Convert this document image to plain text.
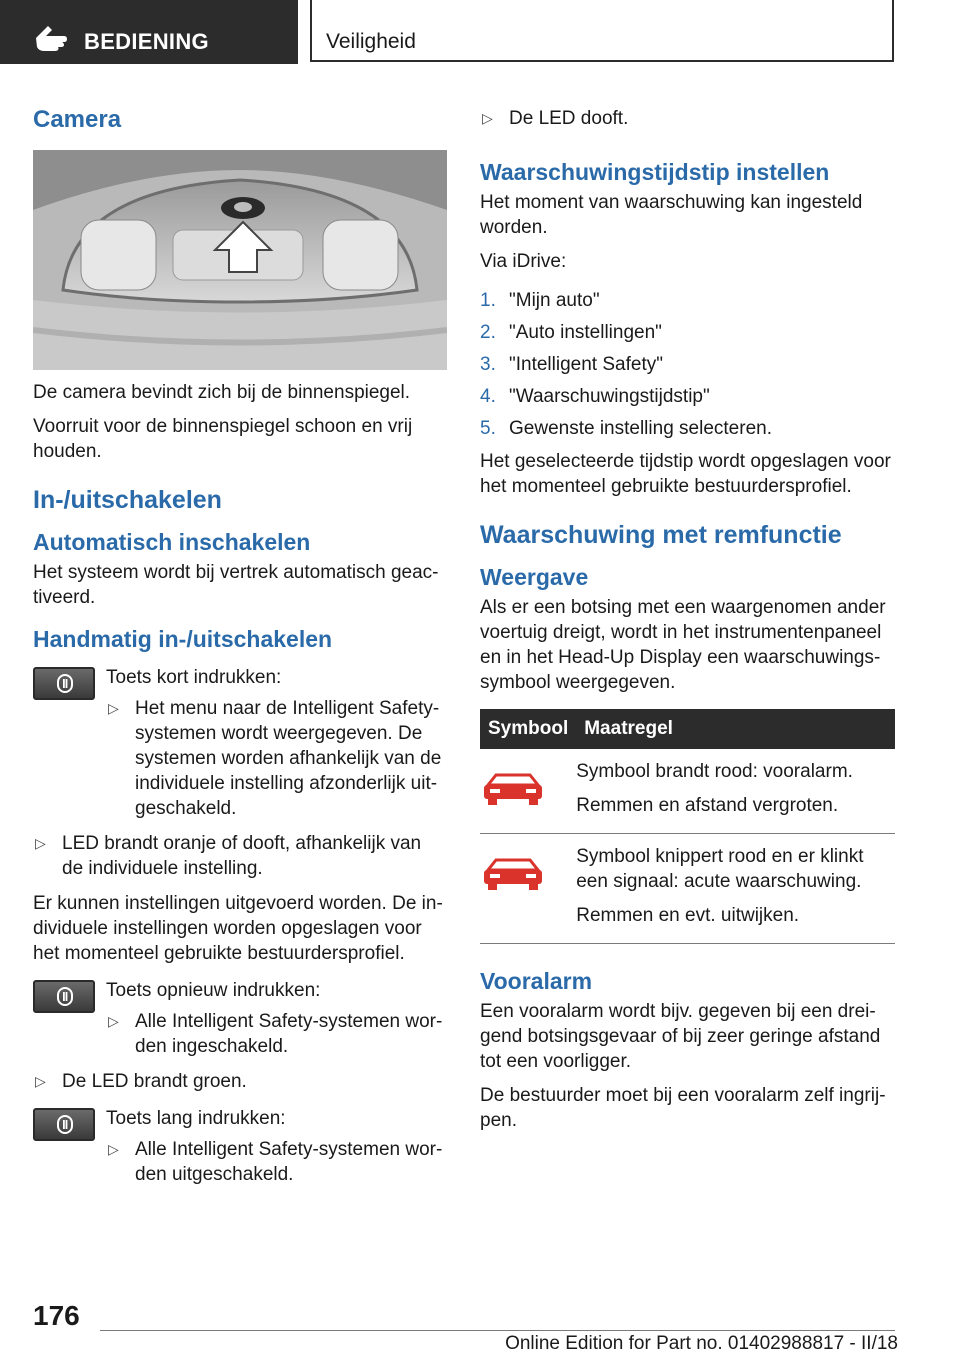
BEDIENING	Veiligheid
Camera

De camera bevindt zich bij de binnenspiegel.

Voorruit voor de binnenspiegel schoon en vrij houden.

In-/uitschakelen
Automatisch inschakelen

Het systeem wordt bij vertrek automatisch geactiveerd.

Handmatig in-/uitschakelen

Toets kort indrukken:

▷ Het menu naar de Intelligent Safety-systemen wordt weergegeven. De systemen worden afhankelijk van de individuele instelling afzonderlijk uitgeschakeld.
▷ LED brandt oranje of dooft, afhankelijk van de individuele instelling.

Er kunnen instellingen uitgevoerd worden. De individuele instellingen worden opgeslagen voor het momenteel gebruikte bestuurdersprofiel.

Toets opnieuw indrukken:

▷ Alle Intelligent Safety-systemen worden ingeschakeld.
▷ De LED brandt groen.

Toets lang indrukken:

▷ Alle Intelligent Safety-systemen worden uitgeschakeld.
▷ De LED dooft.
Waarschuwingstijdstip instellen

Het moment van waarschuwing kan ingesteld worden.

Via iDrive:

1. "Mijn auto"
2. "Auto instellingen"
3. "Intelligent Safety"
4. "Waarschuwingstijdstip"
5. Gewenste instelling selecteren.

Het geselecteerde tijdstip wordt opgeslagen voor het momenteel gebruikte bestuurdersprofiel.

Waarschuwing met remfunctie
Weergave

Als er een botsing met een waargenomen ander voertuig dreigt, wordt in het instrumentenpaneel en in het Head-Up Display een waarschuwingssymbool weergegeven.

Symbool	Maatregel

Symbool brandt rood: vooralarm.

Remmen en afstand vergroten.

Symbool knippert rood en er klinkt een signaal: acute waarschuwing.

Remmen en evt. uitwijken.

Vooralarm

Een vooralarm wordt bijv. gegeven bij een dreigend botsingsgevaar of bij zeer geringe afstand tot een voorligger.

De bestuurder moet bij een vooralarm zelf ingrijpen.

176
Online Edition for Part no. 01402988817 - II/18
